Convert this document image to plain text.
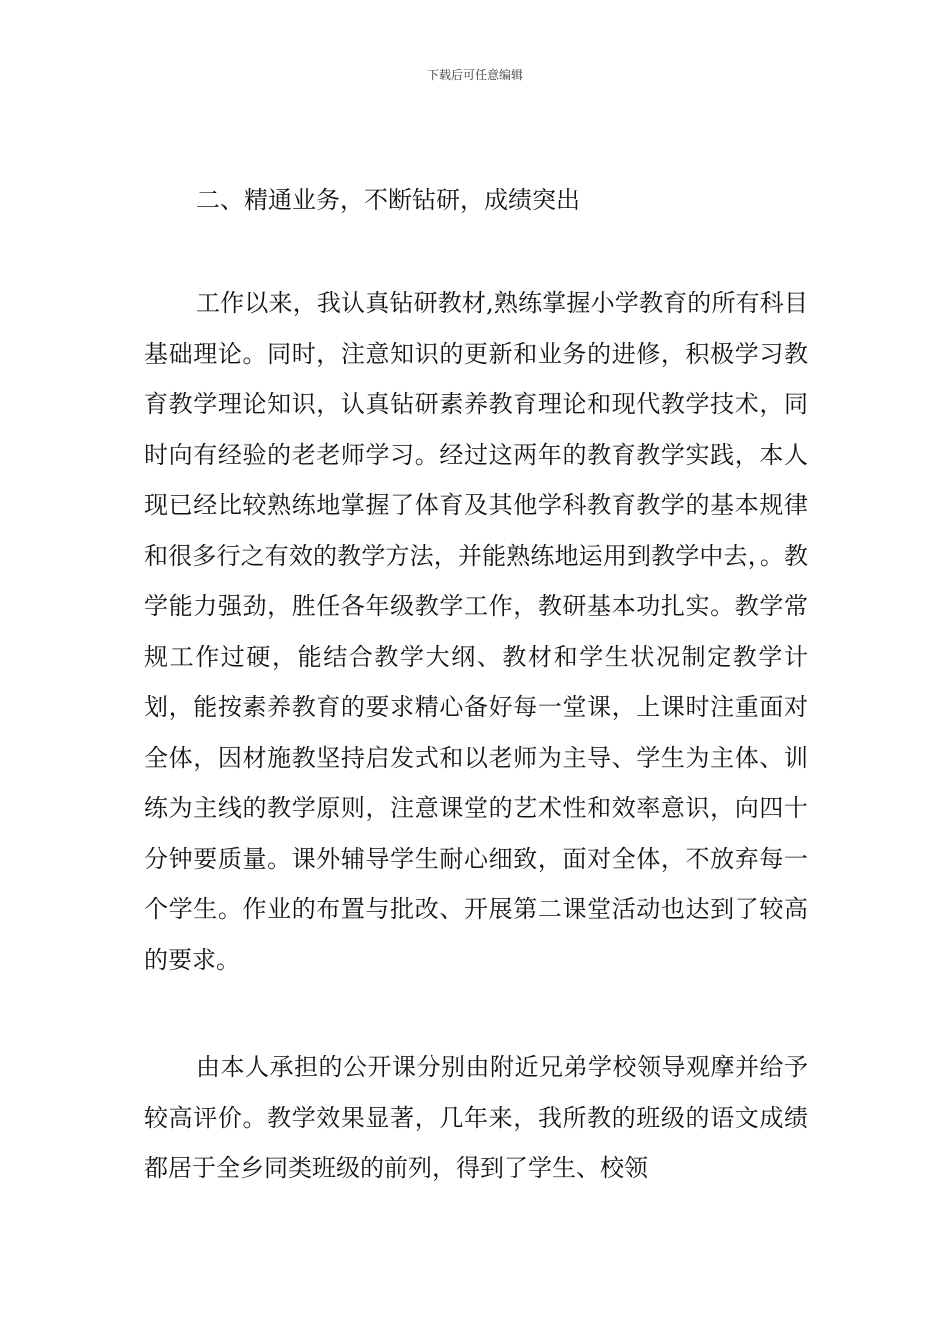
下载后可任意编辑

二、精通业务，不断钻研，成绩突出

工作以来，我认真钻研教材,熟练掌握小学教育的所有科目基础理论。同时，注意知识的更新和业务的进修，积极学习教育教学理论知识，认真钻研素养教育理论和现代教学技术，同时向有经验的老老师学习。经过这两年的教育教学实践，本人现已经比较熟练地掌握了体育及其他学科教育教学的基本规律和很多行之有效的教学方法，并能熟练地运用到教学中去，。教学能力强劲，胜任各年级教学工作，教研基本功扎实。教学常规工作过硬，能结合教学大纲、教材和学生状况制定教学计划，能按素养教育的要求精心备好每一堂课，上课时注重面对全体，因材施教坚持启发式和以老师为主导、学生为主体、训练为主线的教学原则，注意课堂的艺术性和效率意识，向四十分钟要质量。课外辅导学生耐心细致，面对全体，不放弃每一个学生。作业的布置与批改、开展第二课堂活动也达到了较高的要求。

由本人承担的公开课分别由附近兄弟学校领导观摩并给予较高评价。教学效果显著，几年来，我所教的班级的语文成绩都居于全乡同类班级的前列，得到了学生、校领
